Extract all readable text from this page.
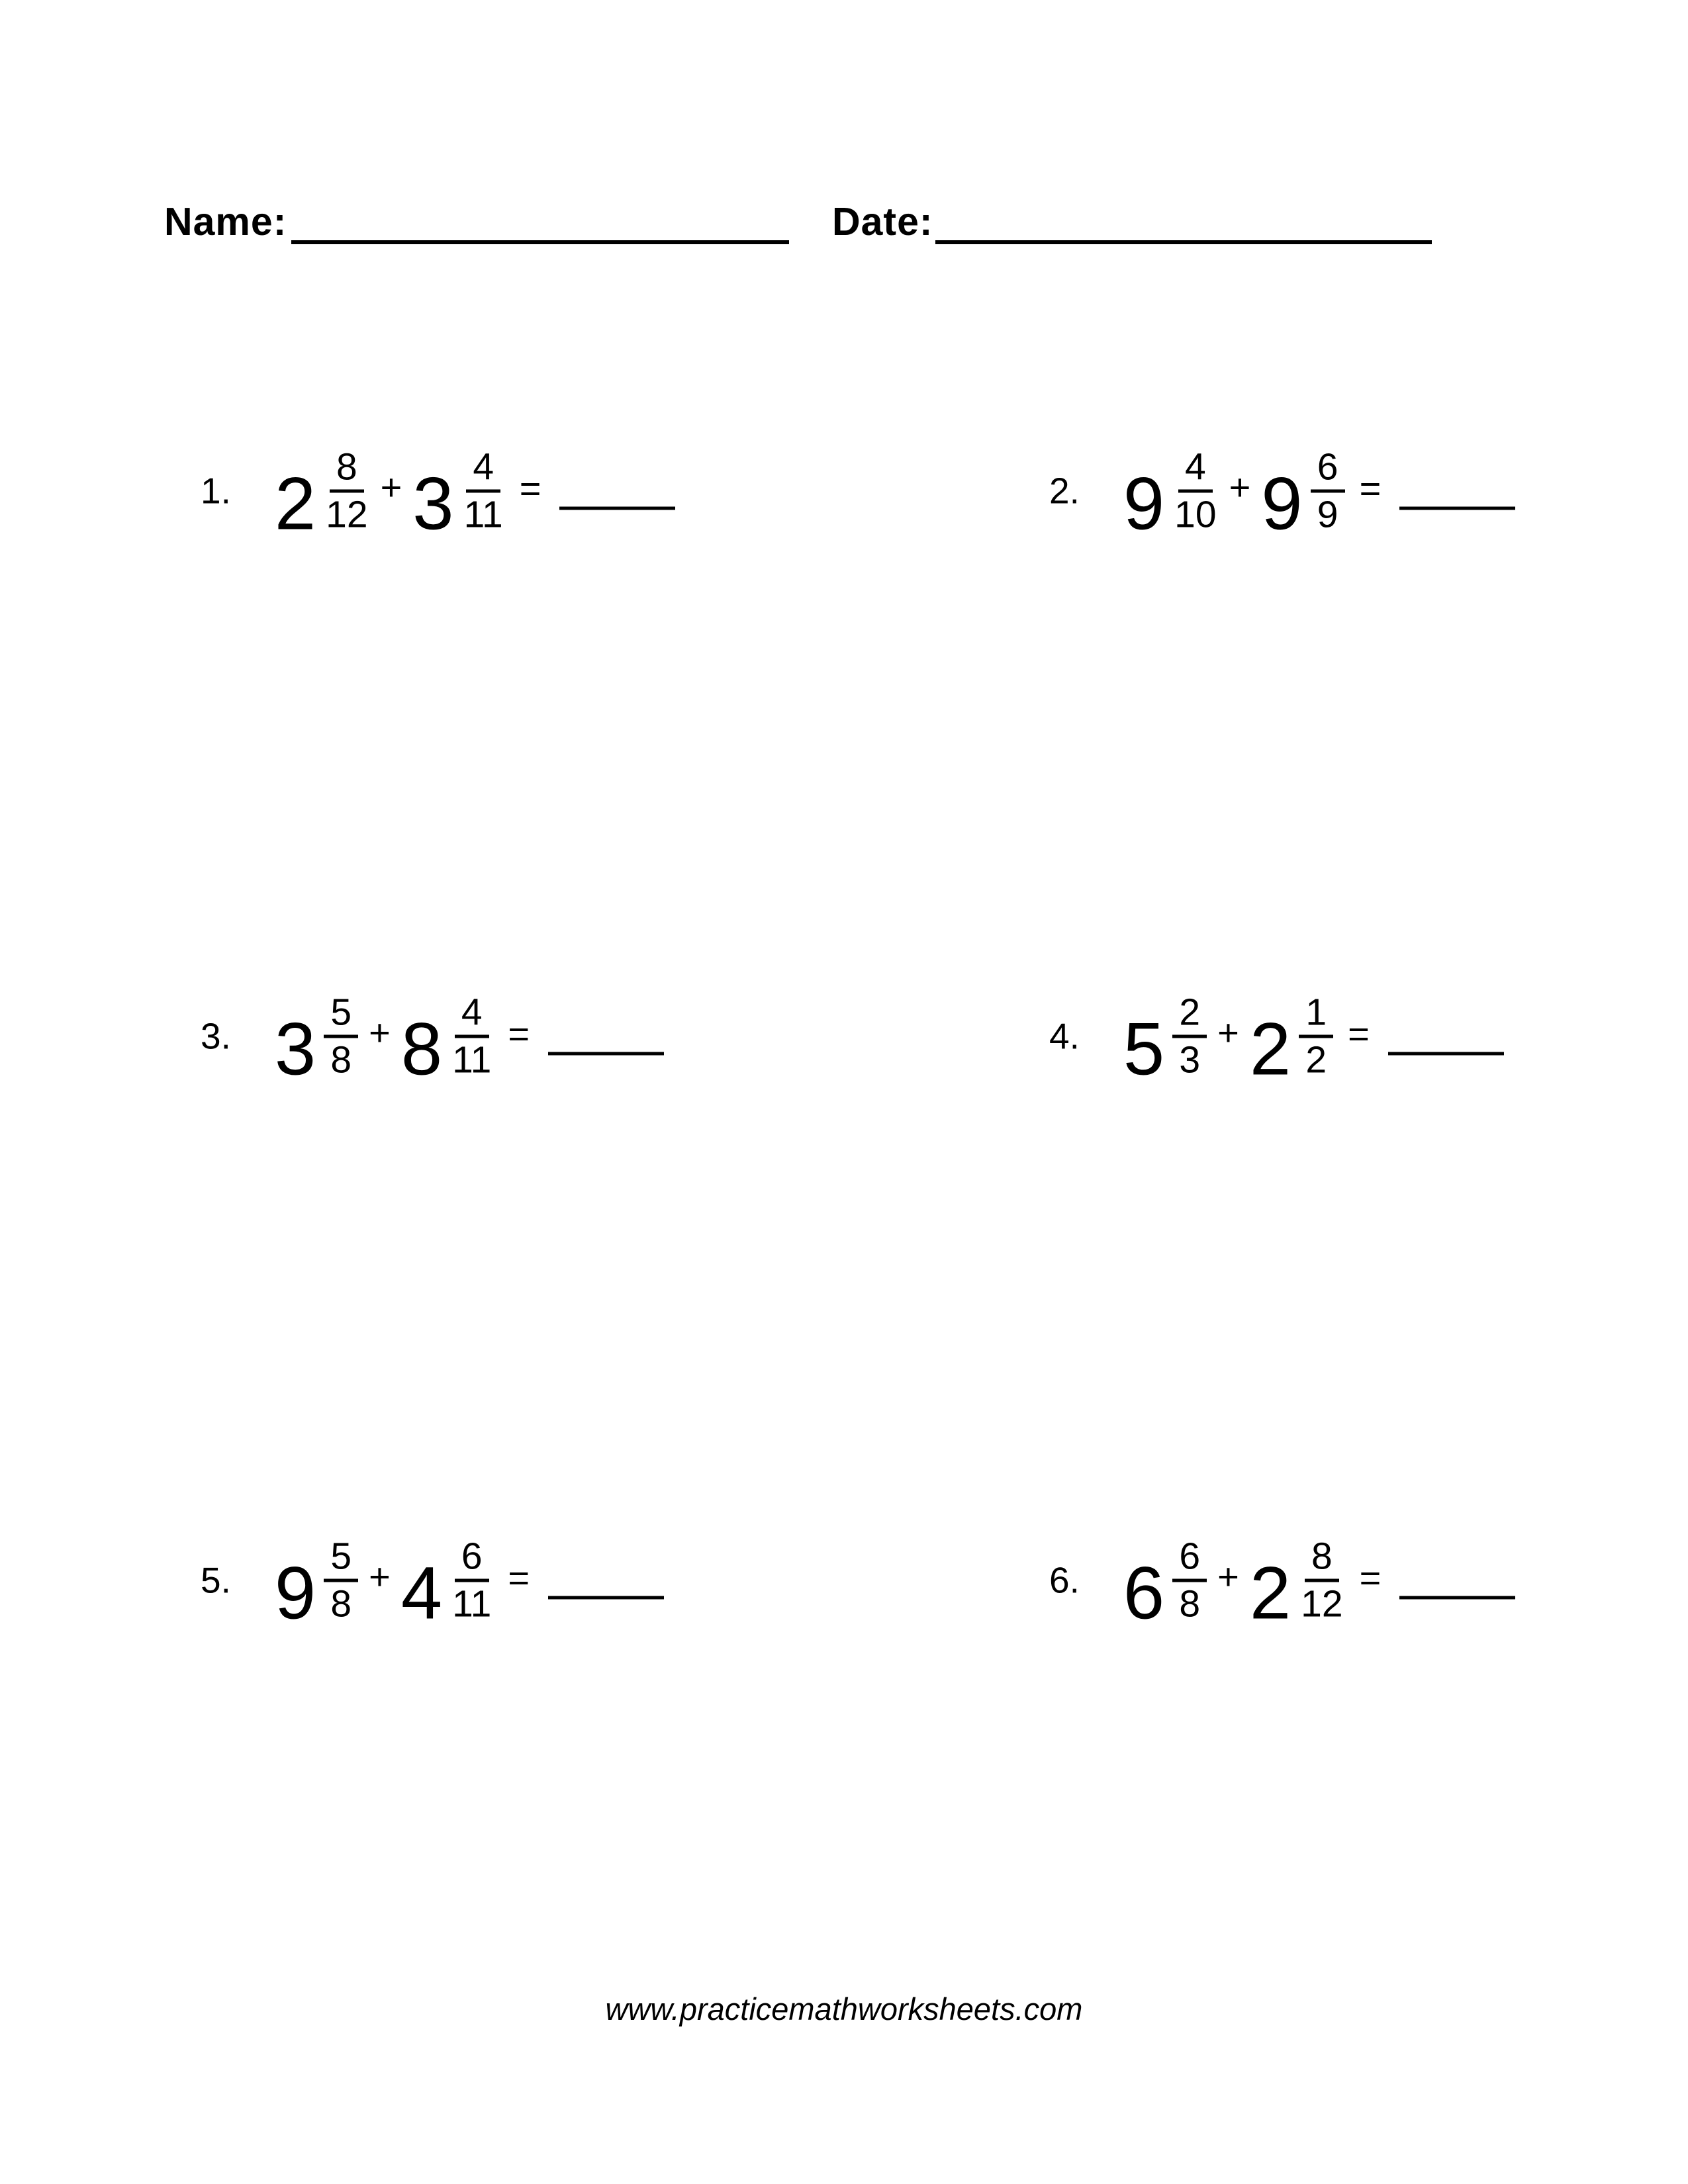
Name:	Date:
1. 2 8
12
+ 3 4
11
=	2. 9 4
10
+ 9 6
9
=
3. 3 5
8
+ 8 4
11
=	4. 5 2
3
+ 2 1
2
=
5. 9 5
8
+ 4 6
11
=	6. 6 6
8
+ 2 8
12
=
www.practicemathworksheets.com
